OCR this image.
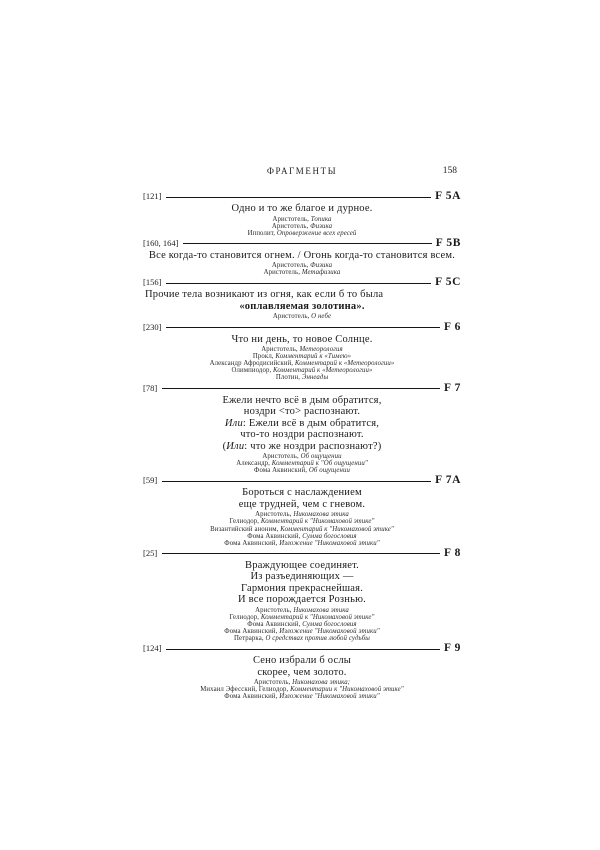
ФРАГМЕНТЫ	158
[121]	F 5A
Одно и то же благое и дурное.
Аристотель, Топика
Аристотель, Физика
Ипполит, Опровержение всех ересей
[160, 164]	F 5B
Все когда-то становится огнем. / Огонь когда-то становится всем.
Аристотель, Физика
Аристотель, Метафизика
[156]	F 5C
Прочие тела возникают из огня, как если б то была
«оплавляемая золотина».
Аристотель, О небе
[230]	F 6
Что ни день, то новое Солнце.
Аристотель, Метеорология
Прокл, Комментарий к «Тимею»
Александр Афродисийский, Комментарий к «Метеорологии»
Олимпиодор, Комментарий к «Метеорологии»
Плотин, Эннеады
[78]	F 7
Ежели нечто всё в дым обратится,
ноздри <то> распознают.
Или: Ежели всё в дым обратится,
что-то ноздри распознают.
(Или: что же ноздри распознают?)
Аристотель, Об ощущении
Александр, Комментарий к "Об ощущении"
Фома Аквинский, Об ощущении
[59]	F 7A
Бороться с наслаждением
еще трудней, чем с гневом.
Аристотель, Никомахова этика
Гелиодор, Комментарий к "Никомаховой этике"
Византийский аноним, Комментарий к "Никомаховой этике"
Фома Аквинский, Сумма богословия
Фома Аквинский, Изложение "Никомаховой этики"
[25]	F 8
Враждующее соединяет.
Из разъединяющих —
Гармония прекраснейшая.
И все порождается Рознью.
Аристотель, Никомахова этика
Гелиодор, Комментарий к "Никомаховой этике"
Фома Аквинский, Сумма богословия
Фома Аквинский, Изложение "Никомаховой этики"
Петрарка, О средствах против любой судьбы
[124]	F 9
Сено избрали б ослы
скорее, чем золото.
Аристотель, Никомахова этика;
Михаил Эфесский, Гелиодор, Комментарии к "Никомаховой этике"
Фома Аквинский, Изложение "Никомаховой этики"
